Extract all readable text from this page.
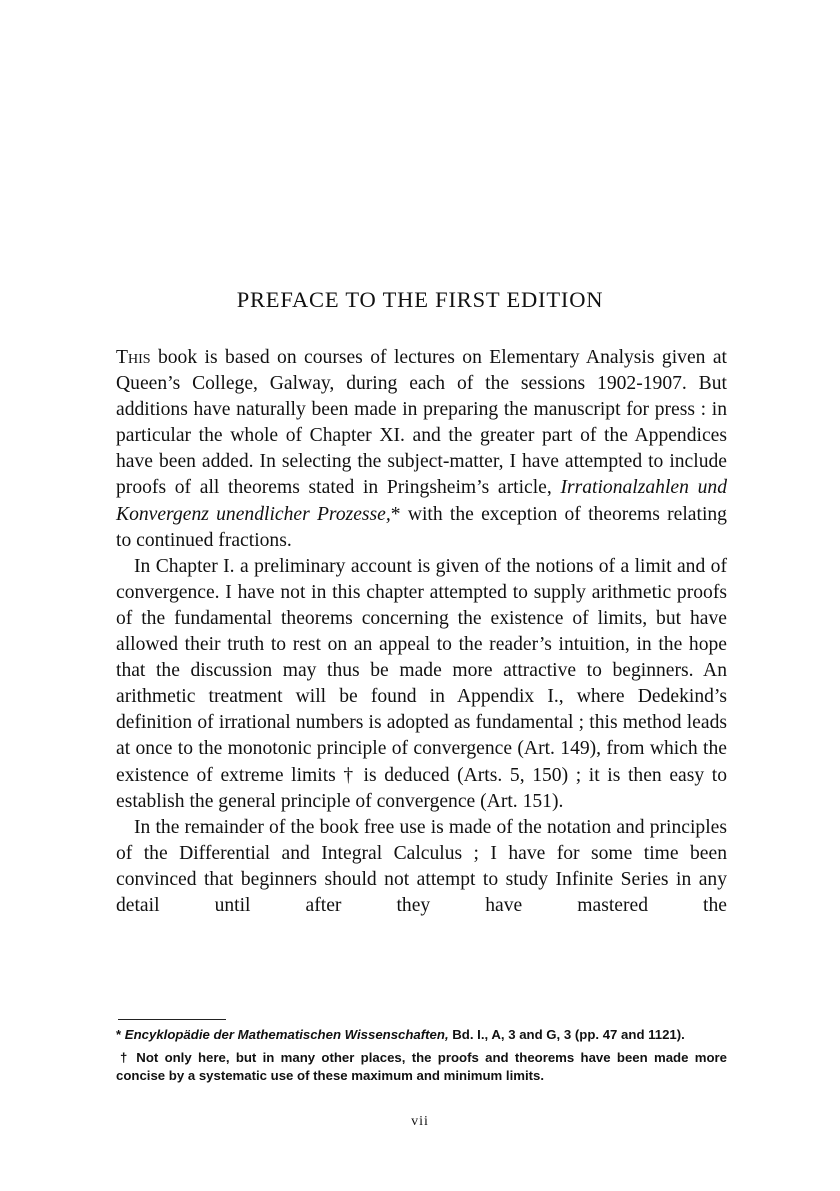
PREFACE TO THE FIRST EDITION

This book is based on courses of lectures on Elementary Analysis given at Queen’s College, Galway, during each of the sessions 1902-1907. But additions have naturally been made in preparing the manuscript for press : in particular the whole of Chapter XI. and the greater part of the Appendices have been added. In selecting the subject-matter, I have attempted to include proofs of all theorems stated in Pringsheim’s article, Irrationalzahlen und Konvergenz unendlicher Prozesse,* with the exception of theorems relating to continued fractions.

In Chapter I. a preliminary account is given of the notions of a limit and of convergence. I have not in this chapter attempted to supply arithmetic proofs of the fundamental theorems concerning the existence of limits, but have allowed their truth to rest on an appeal to the reader’s intuition, in the hope that the discussion may thus be made more attractive to beginners. An arithmetic treatment will be found in Appendix I., where Dedekind’s definition of irrational numbers is adopted as fundamental ; this method leads at once to the monotonic principle of convergence (Art. 149), from which the existence of extreme limits † is deduced (Arts. 5, 150) ; it is then easy to establish the general principle of convergence (Art. 151).

In the remainder of the book free use is made of the notation and principles of the Differential and Integral Calculus ; I have for some time been convinced that beginners should not attempt to study Infinite Series in any detail until after they have mastered the

* Encyklopädie der Mathematischen Wissenschaften, Bd. I., A, 3 and G, 3 (pp. 47 and 1121).

† Not only here, but in many other places, the proofs and theorems have been made more concise by a systematic use of these maximum and minimum limits.

vii
